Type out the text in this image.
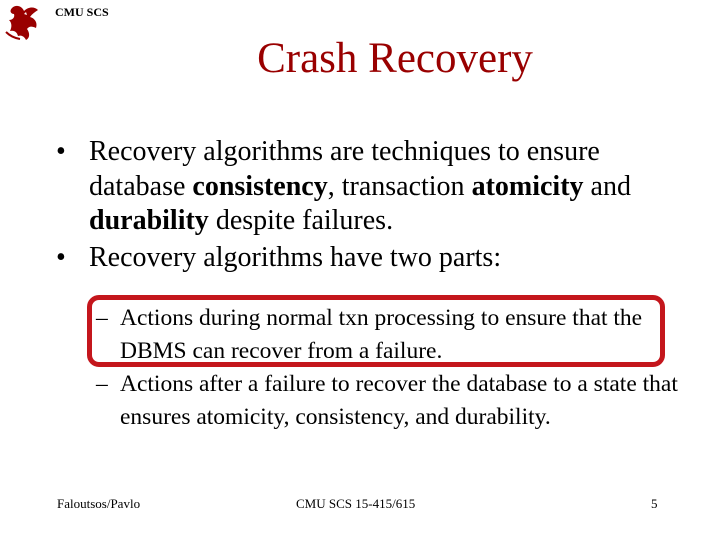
CMU SCS
Crash Recovery
• Recovery algorithms are techniques to ensure database consistency, transaction atomicity and durability despite failures.
• Recovery algorithms have two parts:
– Actions during normal txn processing to ensure that the DBMS can recover from a failure.
– Actions after a failure to recover the database to a state that ensures atomicity, consistency, and durability.
Faloutsos/Pavlo	CMU SCS 15-415/615	5
